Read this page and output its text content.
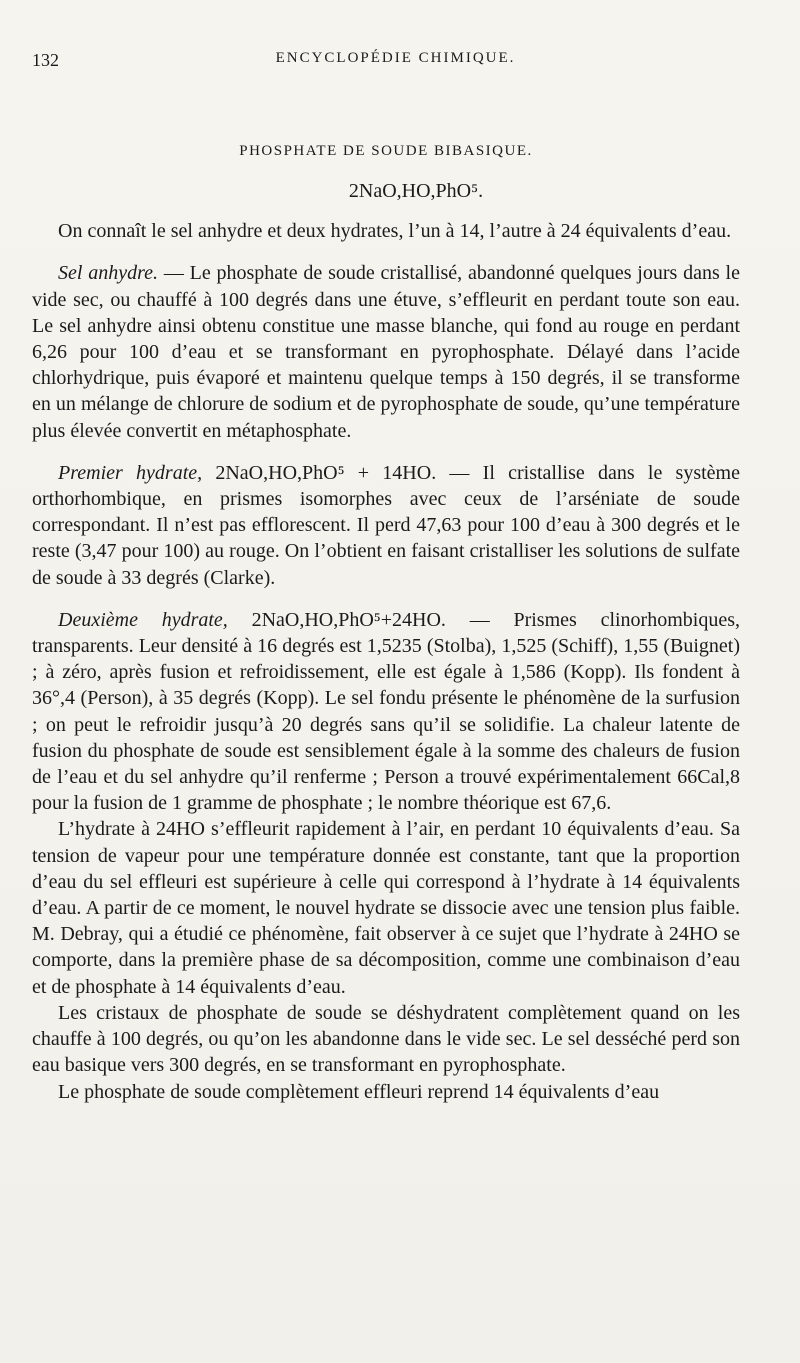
132	ENCYCLOPÉDIE CHIMIQUE.
PHOSPHATE DE SOUDE BIBASIQUE.
2NaO,HO,PhO⁵.

On connaît le sel anhydre et deux hydrates, l’un à 14, l’autre à 24 équivalents d’eau.

Sel anhydre. — Le phosphate de soude cristallisé, abandonné quelques jours dans le vide sec, ou chauffé à 100 degrés dans une étuve, s’effleurit en perdant toute son eau. Le sel anhydre ainsi obtenu constitue une masse blanche, qui fond au rouge en perdant 6,26 pour 100 d’eau et se transformant en pyrophosphate. Délayé dans l’acide chlorhydrique, puis évaporé et maintenu quelque temps à 150 degrés, il se transforme en un mélange de chlorure de sodium et de pyrophosphate de soude, qu’une température plus élevée convertit en métaphosphate.

Premier hydrate, 2NaO,HO,PhO⁵ + 14HO. — Il cristallise dans le système orthorhombique, en prismes isomorphes avec ceux de l’arséniate de soude correspondant. Il n’est pas efflorescent. Il perd 47,63 pour 100 d’eau à 300 degrés et le reste (3,47 pour 100) au rouge. On l’obtient en faisant cristalliser les solutions de sulfate de soude à 33 degrés (Clarke).

Deuxième hydrate, 2NaO,HO,PhO⁵+24HO. — Prismes clinorhombiques, transparents. Leur densité à 16 degrés est 1,5235 (Stolba), 1,525 (Schiff), 1,55 (Buignet) ; à zéro, après fusion et refroidissement, elle est égale à 1,586 (Kopp). Ils fondent à 36°,4 (Person), à 35 degrés (Kopp). Le sel fondu présente le phénomène de la surfusion ; on peut le refroidir jusqu’à 20 degrés sans qu’il se solidifie. La chaleur latente de fusion du phosphate de soude est sensiblement égale à la somme des chaleurs de fusion de l’eau et du sel anhydre qu’il renferme ; Person a trouvé expérimentalement 66Cal,8 pour la fusion de 1 gramme de phosphate ; le nombre théorique est 67,6.

L’hydrate à 24HO s’effleurit rapidement à l’air, en perdant 10 équivalents d’eau. Sa tension de vapeur pour une température donnée est constante, tant que la proportion d’eau du sel effleuri est supérieure à celle qui correspond à l’hydrate à 14 équivalents d’eau. A partir de ce moment, le nouvel hydrate se dissocie avec une tension plus faible. M. Debray, qui a étudié ce phénomène, fait observer à ce sujet que l’hydrate à 24HO se comporte, dans la première phase de sa décomposition, comme une combinaison d’eau et de phosphate à 14 équivalents d’eau.

Les cristaux de phosphate de soude se déshydratent complètement quand on les chauffe à 100 degrés, ou qu’on les abandonne dans le vide sec. Le sel desséché perd son eau basique vers 300 degrés, en se transformant en pyrophosphate.

Le phosphate de soude complètement effleuri reprend 14 équivalents d’eau
